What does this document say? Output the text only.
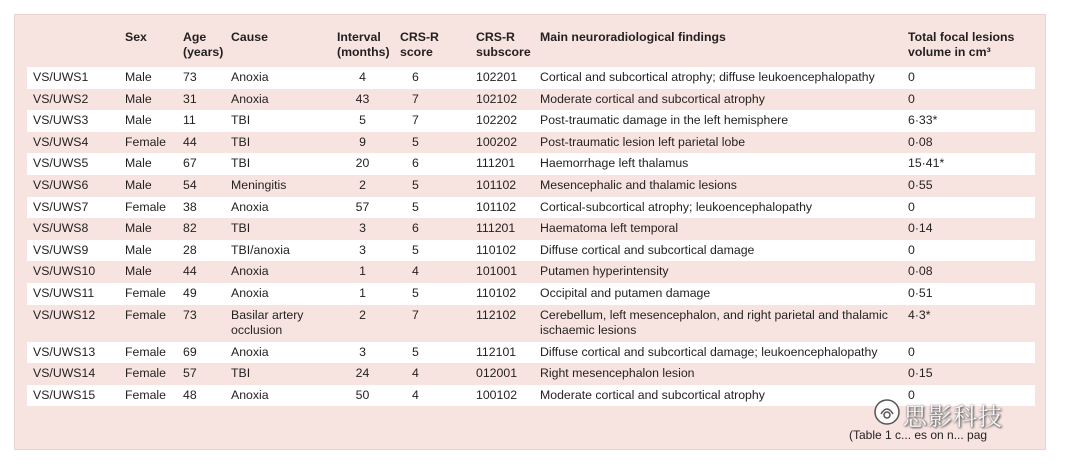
	Sex	Age (years)	Cause	Interval (months)	CRS-R score	CRS-R subscore	Main neuroradiological findings	Total focal lesions volume in cm³
VS/UWS1	Male	73	Anoxia	4	6	102201	Cortical and subcortical atrophy; diffuse leukoencephalopathy	0
VS/UWS2	Male	31	Anoxia	43	7	102102	Moderate cortical and subcortical atrophy	0
VS/UWS3	Male	11	TBI	5	7	102202	Post-traumatic damage in the left hemisphere	6·33*
VS/UWS4	Female	44	TBI	9	5	100202	Post-traumatic lesion left parietal lobe	0·08
VS/UWS5	Male	67	TBI	20	6	111201	Haemorrhage left thalamus	15·41*
VS/UWS6	Male	54	Meningitis	2	5	101102	Mesencephalic and thalamic lesions	0·55
VS/UWS7	Female	38	Anoxia	57	5	101102	Cortical-subcortical atrophy; leukoencephalopathy	0
VS/UWS8	Male	82	TBI	3	6	111201	Haematoma left temporal	0·14
VS/UWS9	Male	28	TBI/anoxia	3	5	110102	Diffuse cortical and subcortical damage	0
VS/UWS10	Male	44	Anoxia	1	4	101001	Putamen hyperintensity	0·08
VS/UWS11	Female	49	Anoxia	1	5	110102	Occipital and putamen damage	0·51
VS/UWS12	Female	73	Basilar artery occlusion	2	7	112102	Cerebellum, left mesencephalon, and right parietal and thalamic ischaemic lesions	4·3*
VS/UWS13	Female	69	Anoxia	3	5	112101	Diffuse cortical and subcortical damage; leukoencephalopathy	0
VS/UWS14	Female	57	TBI	24	4	012001	Right mesencephalon lesion	0·15
VS/UWS15	Female	48	Anoxia	50	4	100102	Moderate cortical and subcortical atrophy	0
(Table 1 c... es on n... pag
思影科技
